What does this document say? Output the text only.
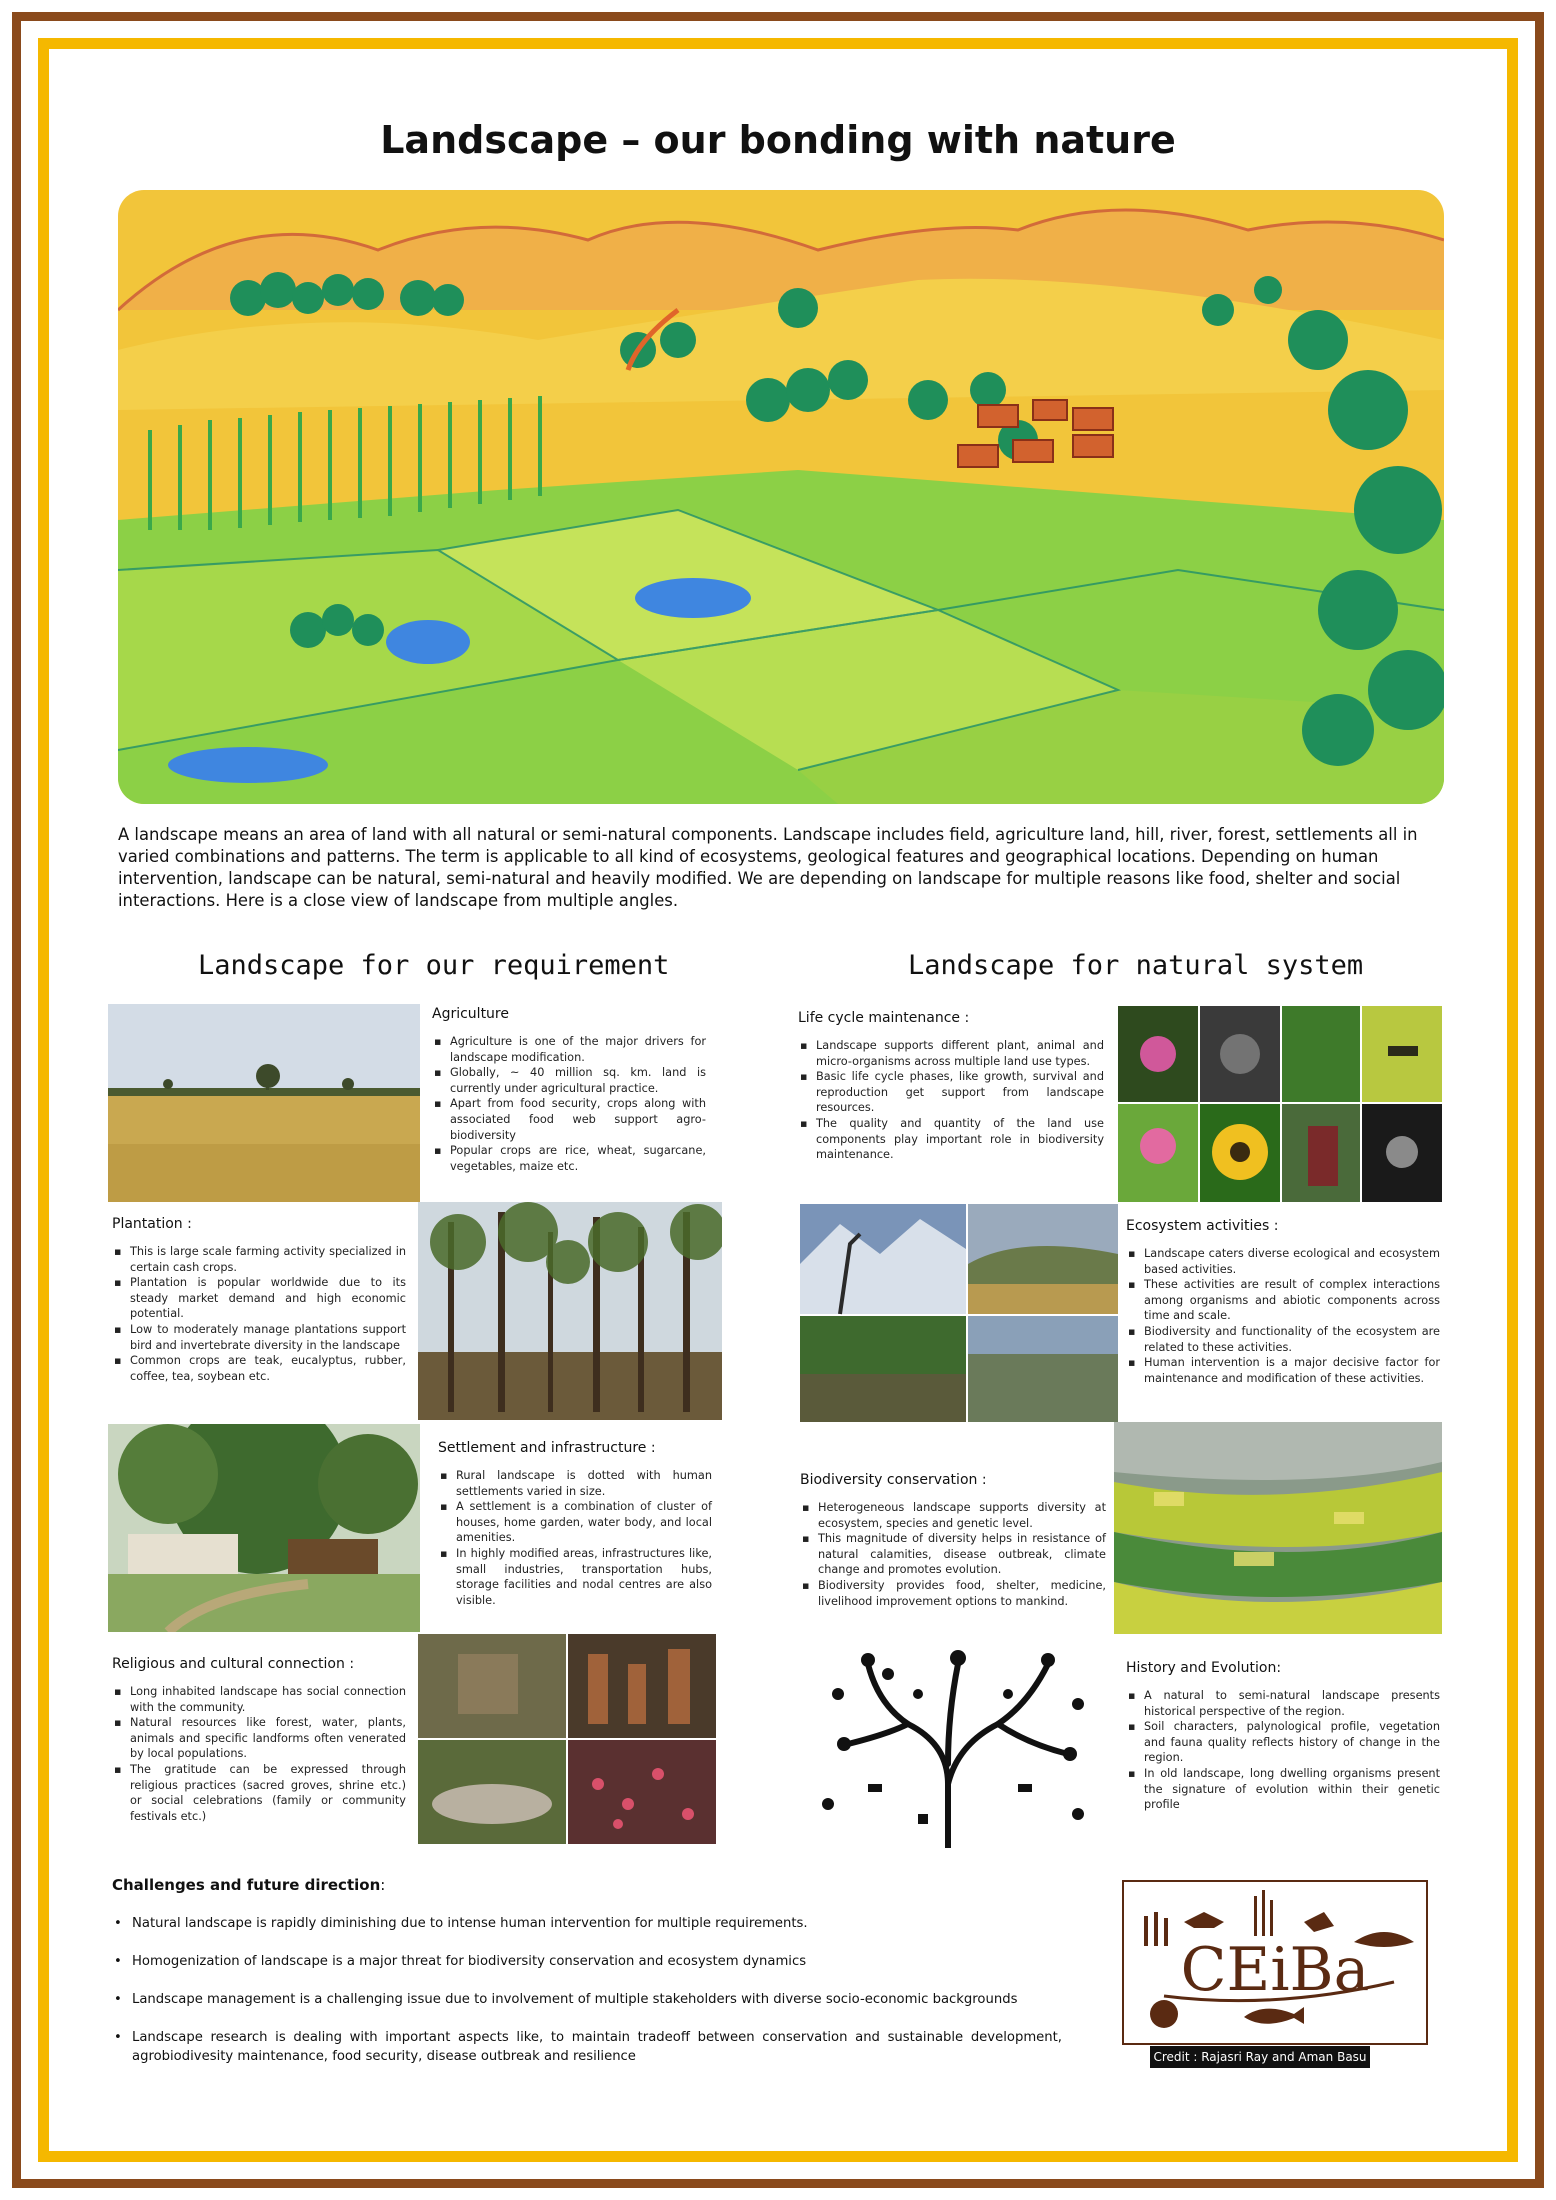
Landscape – our bonding with nature
A landscape means an area of land with all natural or semi-natural components. Landscape includes field, agriculture land, hill, river, forest, settlements all in varied combinations and patterns. The term is applicable to all kind of ecosystems, geological features and geographical locations. Depending on human intervention, landscape can be natural, semi-natural and heavily modified. We are depending on landscape for multiple reasons like food, shelter and social interactions. Here is a close view of landscape from multiple angles.
Landscape for our requirement	Landscape for natural system
Agriculture
▪ Agriculture is one of the major drivers for landscape modification.
▪ Globally, ~ 40 million sq. km. land is currently under agricultural practice.
▪ Apart from food security, crops along with associated food web support agro-biodiversity
▪ Popular crops are rice, wheat, sugarcane, vegetables, maize etc.
Plantation :
▪ This is large scale farming activity specialized in certain cash crops.
▪ Plantation is popular worldwide due to its steady market demand and high economic potential.
▪ Low to moderately manage plantations support bird and invertebrate diversity in the landscape
▪ Common crops are teak, eucalyptus, rubber, coffee, tea, soybean etc.
Settlement and infrastructure :
▪ Rural landscape is dotted with human settlements varied in size.
▪ A settlement is a combination of cluster of houses, home garden, water body, and local amenities.
▪ In highly modified areas, infrastructures like, small industries, transportation hubs, storage facilities and nodal centres are also visible.
Religious and cultural connection :
▪ Long inhabited landscape has social connection with the community.
▪ Natural resources like forest, water, plants, animals and specific landforms often venerated by local populations.
▪ The gratitude can be expressed through religious practices (sacred groves, shrine etc.) or social celebrations (family or community festivals etc.)
Life cycle maintenance :
▪ Landscape supports different plant, animal and micro-organisms across multiple land use types.
▪ Basic life cycle phases, like growth, survival and reproduction get support from landscape resources.
▪ The quality and quantity of the land use components play important role in biodiversity maintenance.
Ecosystem activities :
▪ Landscape caters diverse ecological and ecosystem based activities.
▪ These activities are result of complex interactions among organisms and abiotic components across time and scale.
▪ Biodiversity and functionality of the ecosystem are related to these activities.
▪ Human intervention is a major decisive factor for maintenance and modification of these activities.
Biodiversity conservation :
▪ Heterogeneous landscape supports diversity at ecosystem, species and genetic level.
▪ This magnitude of diversity helps in resistance of natural calamities, disease outbreak, climate change and promotes evolution.
▪ Biodiversity provides food, shelter, medicine, livelihood improvement options to mankind.
History and Evolution:
▪ A natural to semi-natural landscape presents historical perspective of the region.
▪ Soil characters, palynological profile, vegetation and fauna quality reflects history of change in the region.
▪ In old landscape, long dwelling organisms present the signature of evolution within their genetic profile
Challenges and future direction:
• Natural landscape is rapidly diminishing due to intense human intervention for multiple requirements.
• Homogenization of landscape is a major threat for biodiversity conservation and ecosystem dynamics
• Landscape management is a challenging issue due to involvement of multiple stakeholders with diverse socio-economic backgrounds
• Landscape research is dealing with important aspects like, to maintain tradeoff between conservation and sustainable development, agrobiodivesity maintenance, food security, disease outbreak and resilience
CEiBa
Credit : Rajasri Ray and Aman Basu
